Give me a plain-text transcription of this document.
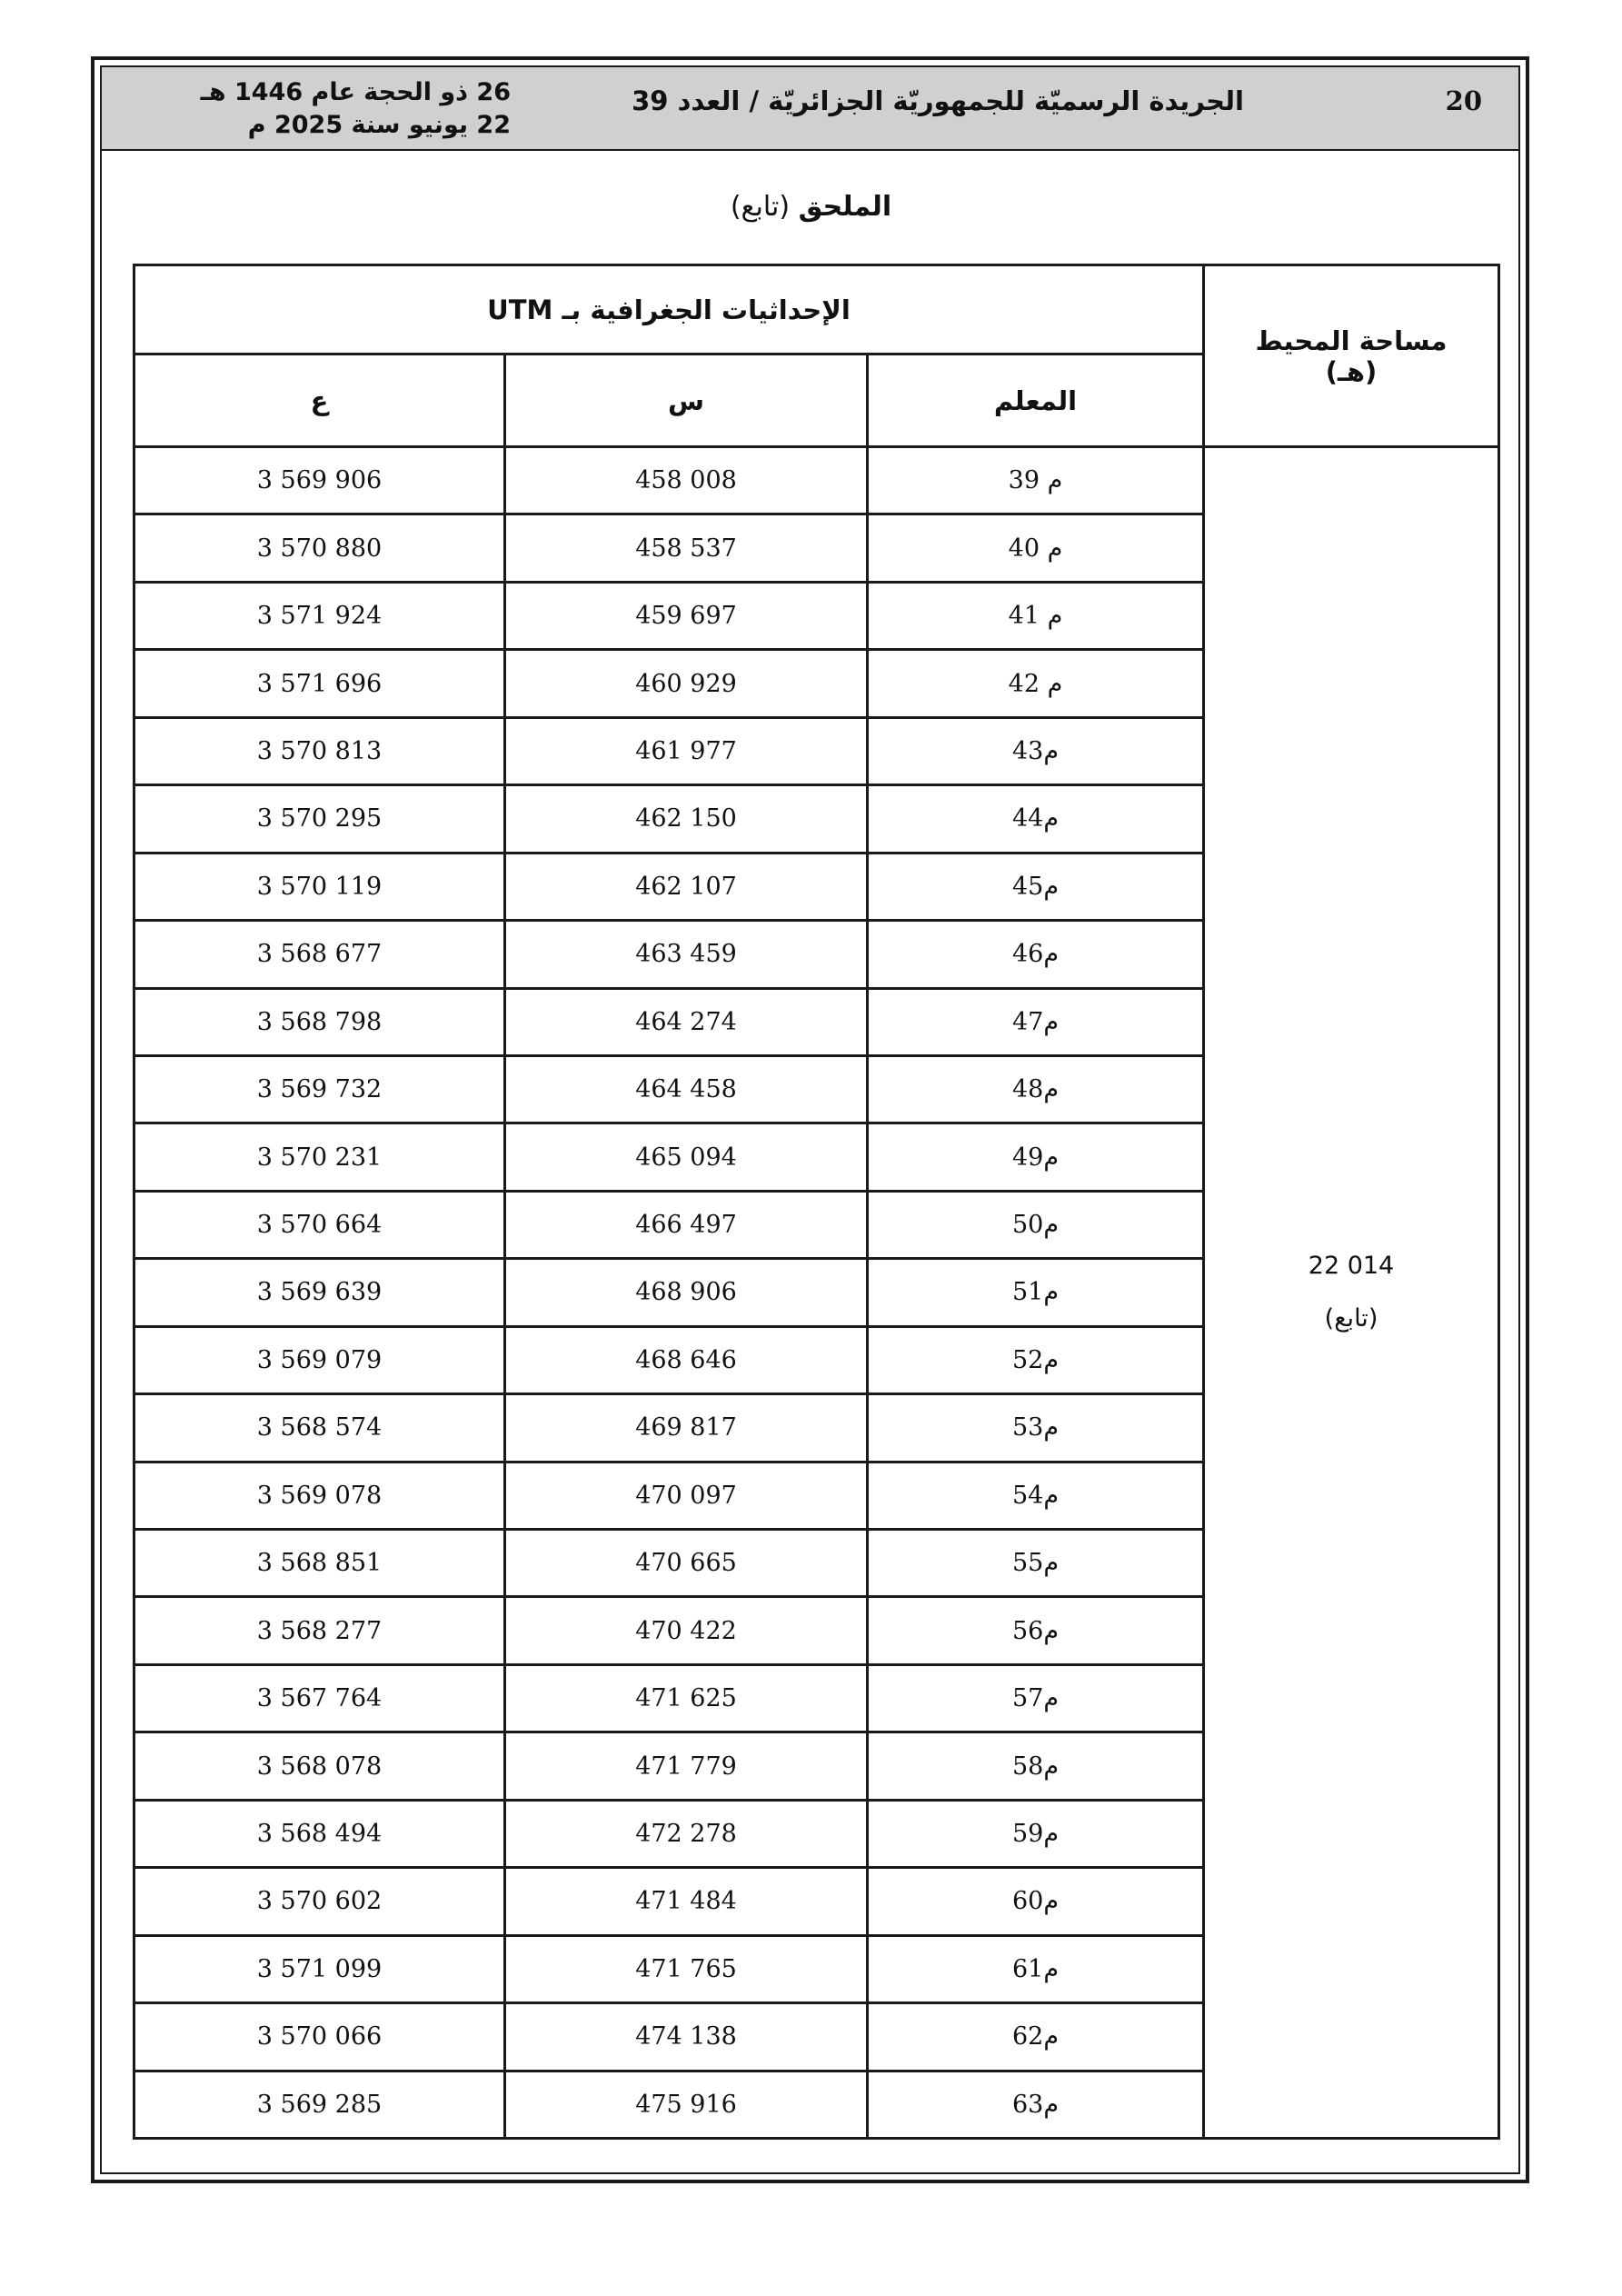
26 ذو الحجة عام 1446 هـ
22 يونيو سنة 2025 م
الجريدة الرسميّة للجمهوريّة الجزائريّة / العدد 39	20
الملحق (تابع)
مساحة المحيط
(هـ)	الإحداثيات الجغرافية بـ UTM		
	المعلم	س	ع

22 014
(تابع)	م 39	458 008	3 569 906
	م 40	458 537	3 570 880
	م 41	459 697	3 571 924
	م 42	460 929	3 571 696
	م43	461 977	3 570 813
	م44	462 150	3 570 295
	م45	462 107	3 570 119
	م46	463 459	3 568 677
	م47	464 274	3 568 798
	م48	464 458	3 569 732
	م49	465 094	3 570 231
	م50	466 497	3 570 664
	م51	468 906	3 569 639
	م52	468 646	3 569 079
	م53	469 817	3 568 574
	م54	470 097	3 569 078
	م55	470 665	3 568 851
	م56	470 422	3 568 277
	م57	471 625	3 567 764
	م58	471 779	3 568 078
	م59	472 278	3 568 494
	م60	471 484	3 570 602
	م61	471 765	3 571 099
	م62	474 138	3 570 066
	م63	475 916	3 569 285
